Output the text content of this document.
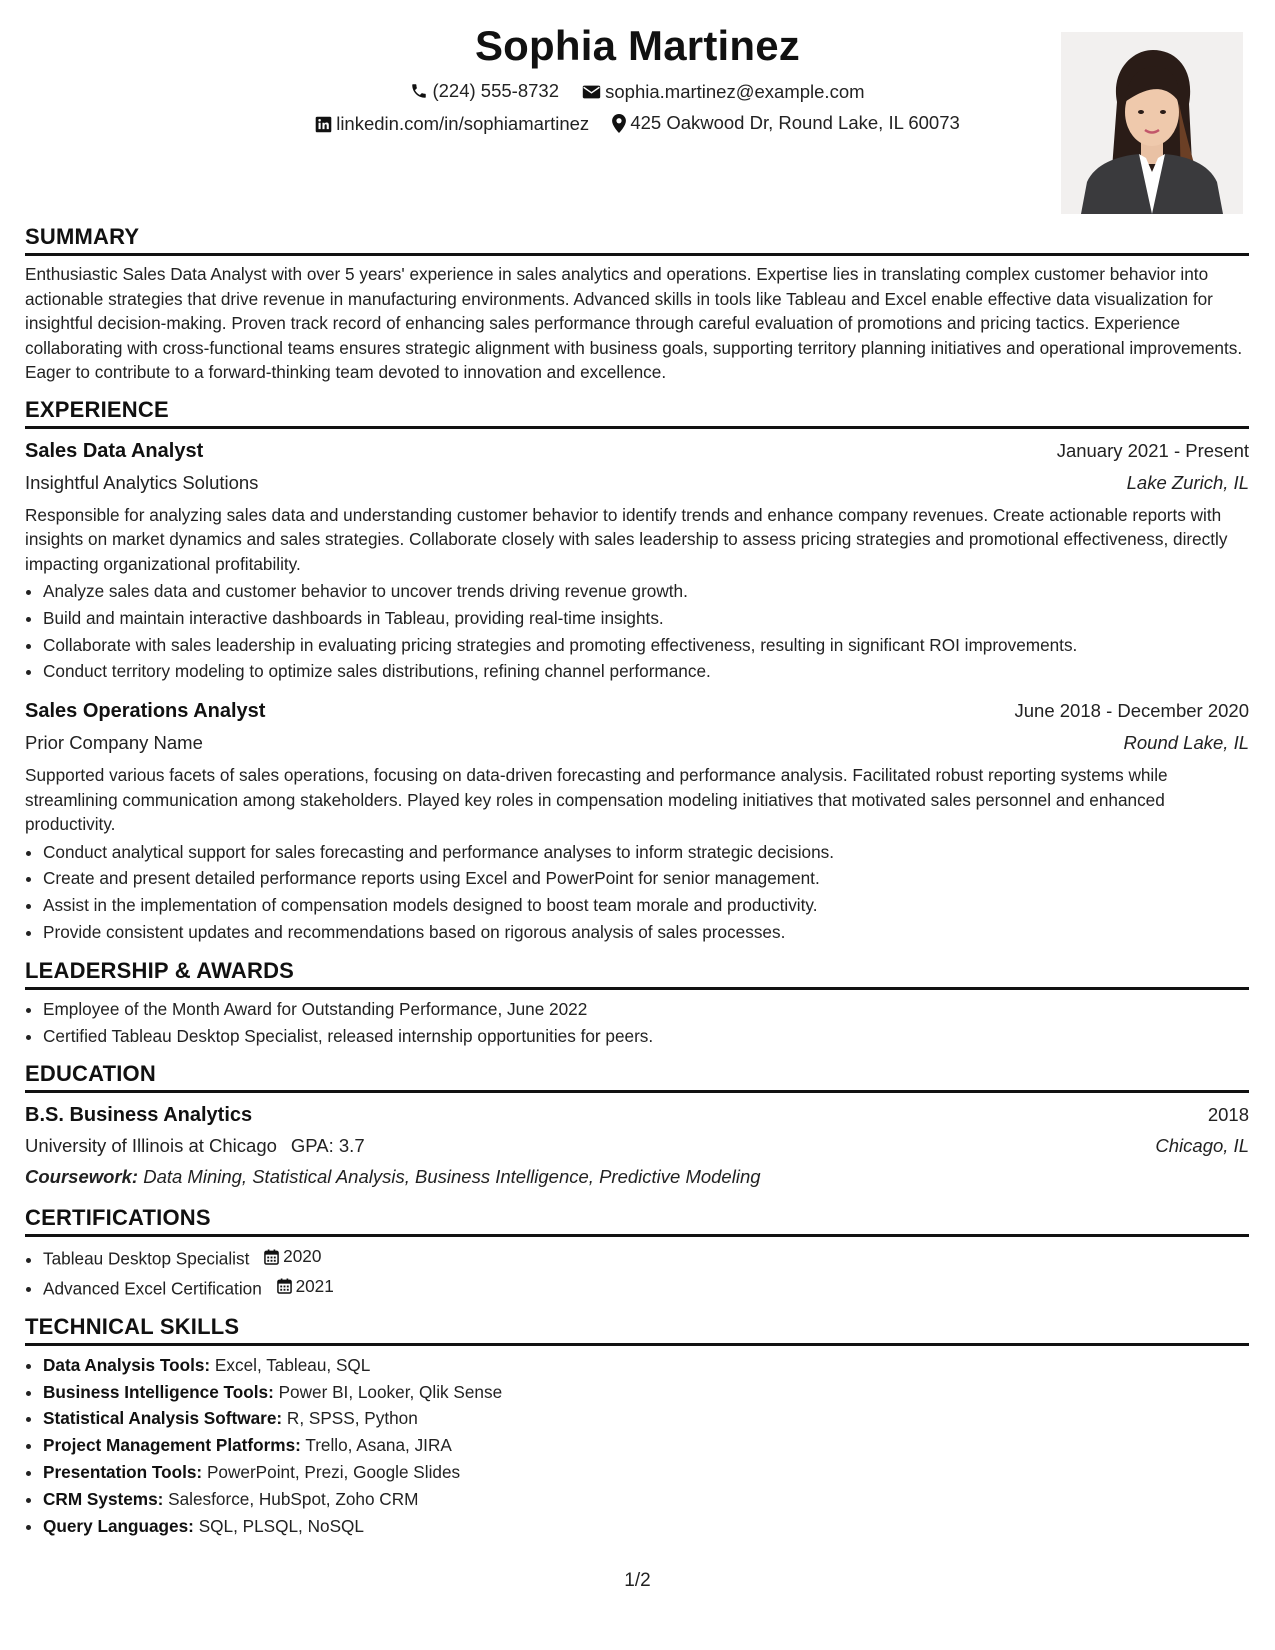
Sophia Martinez
(224) 555-8732
sophia.martinez@example.com
linkedin.com/in/sophiamartinez
425 Oakwood Dr, Round Lake, IL 60073
SUMMARY

Enthusiastic Sales Data Analyst with over 5 years' experience in sales analytics and operations. Expertise lies in translating complex customer behavior into actionable strategies that drive revenue in manufacturing environments. Advanced skills in tools like Tableau and Excel enable effective data visualization for insightful decision-making. Proven track record of enhancing sales performance through careful evaluation of promotions and pricing tactics. Experience collaborating with cross-functional teams ensures strategic alignment with business goals, supporting territory planning initiatives and operational improvements. Eager to contribute to a forward-thinking team devoted to innovation and excellence.

EXPERIENCE
Sales Data Analyst	January 2021 - Present
Insightful Analytics Solutions	Lake Zurich, IL

Responsible for analyzing sales data and understanding customer behavior to identify trends and enhance company revenues. Create actionable reports with insights on market dynamics and sales strategies. Collaborate closely with sales leadership to assess pricing strategies and promotional effectiveness, directly impacting organizational profitability.

• Analyze sales data and customer behavior to uncover trends driving revenue growth.
• Build and maintain interactive dashboards in Tableau, providing real-time insights.
• Collaborate with sales leadership in evaluating pricing strategies and promoting effectiveness, resulting in significant ROI improvements.
• Conduct territory modeling to optimize sales distributions, refining channel performance.
Sales Operations Analyst	June 2018 - December 2020
Prior Company Name	Round Lake, IL

Supported various facets of sales operations, focusing on data-driven forecasting and performance analysis. Facilitated robust reporting systems while streamlining communication among stakeholders. Played key roles in compensation modeling initiatives that motivated sales personnel and enhanced productivity.

• Conduct analytical support for sales forecasting and performance analyses to inform strategic decisions.
• Create and present detailed performance reports using Excel and PowerPoint for senior management.
• Assist in the implementation of compensation models designed to boost team morale and productivity.
• Provide consistent updates and recommendations based on rigorous analysis of sales processes.
LEADERSHIP & AWARDS
• Employee of the Month Award for Outstanding Performance, June 2022
• Certified Tableau Desktop Specialist, released internship opportunities for peers.
EDUCATION
B.S. Business Analytics	2018
University of Illinois at Chicago GPA: 3.7	Chicago, IL
Coursework: Data Mining, Statistical Analysis, Business Intelligence, Predictive Modeling
CERTIFICATIONS
• Tableau Desktop Specialist 2020
• Advanced Excel Certification 2021
TECHNICAL SKILLS
• Data Analysis Tools: Excel, Tableau, SQL
• Business Intelligence Tools: Power BI, Looker, Qlik Sense
• Statistical Analysis Software: R, SPSS, Python
• Project Management Platforms: Trello, Asana, JIRA
• Presentation Tools: PowerPoint, Prezi, Google Slides
• CRM Systems: Salesforce, HubSpot, Zoho CRM
• Query Languages: SQL, PLSQL, NoSQL
1/2
